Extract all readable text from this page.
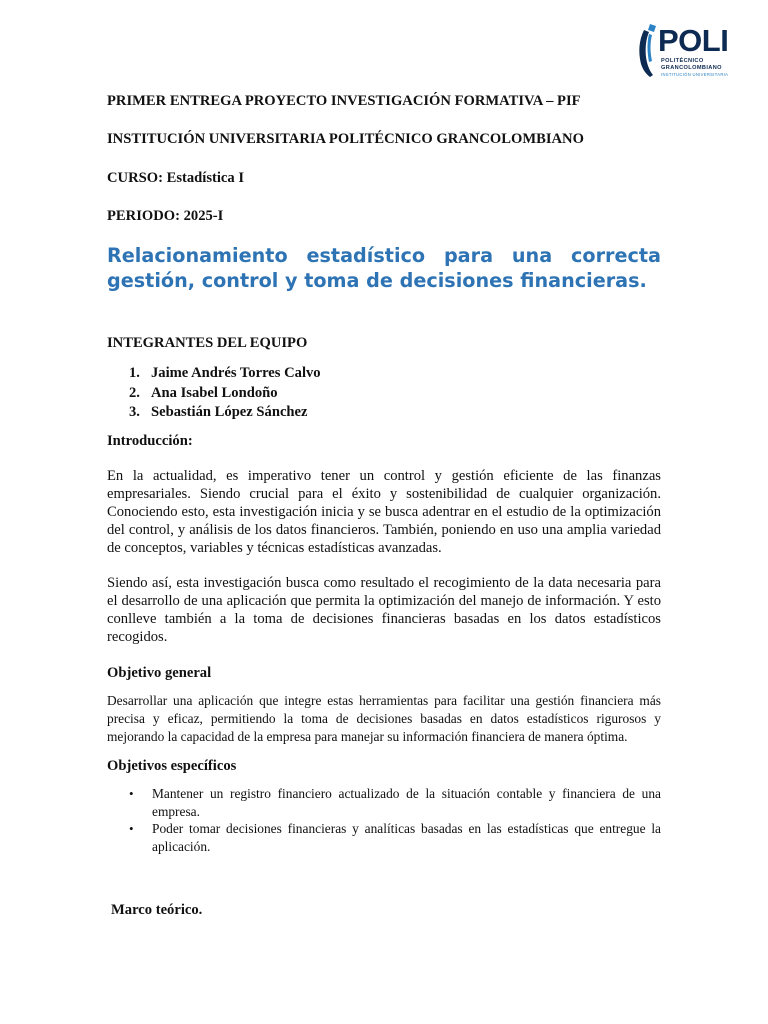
POLI
POLITÉCNICO
GRANCOLOMBIANO
INSTITUCIÓN UNIVERSITARIA
PRIMER ENTREGA PROYECTO INVESTIGACIÓN FORMATIVA – PIF
INSTITUCIÓN UNIVERSITARIA POLITÉCNICO GRANCOLOMBIANO
CURSO: Estadística I
PERIODO: 2025-I
Relacionamiento estadístico para una correcta gestión, control y toma de decisiones financieras.
INTEGRANTES DEL EQUIPO
1. Jaime Andrés Torres Calvo
2. Ana Isabel Londoño
3. Sebastián López Sánchez
Introducción:
En la actualidad, es imperativo tener un control y gestión eficiente de las finanzas empresariales. Siendo crucial para el éxito y sostenibilidad de cualquier organización. Conociendo esto, esta investigación inicia y se busca adentrar en el estudio de la optimización del control, y análisis de los datos financieros. También, poniendo en uso una amplia variedad de conceptos, variables y técnicas estadísticas avanzadas.
Siendo así, esta investigación busca como resultado el recogimiento de la data necesaria para el desarrollo de una aplicación que permita la optimización del manejo de información. Y esto conlleve también a la toma de decisiones financieras basadas en los datos estadísticos recogidos.
Objetivo general
Desarrollar una aplicación que integre estas herramientas para facilitar una gestión financiera más precisa y eficaz, permitiendo la toma de decisiones basadas en datos estadísticos rigurosos y mejorando la capacidad de la empresa para manejar su información financiera de manera óptima.
Objetivos específicos
• Mantener un registro financiero actualizado de la situación contable y financiera de una empresa.
• Poder tomar decisiones financieras y analíticas basadas en las estadísticas que entregue la aplicación.
Marco teórico.
